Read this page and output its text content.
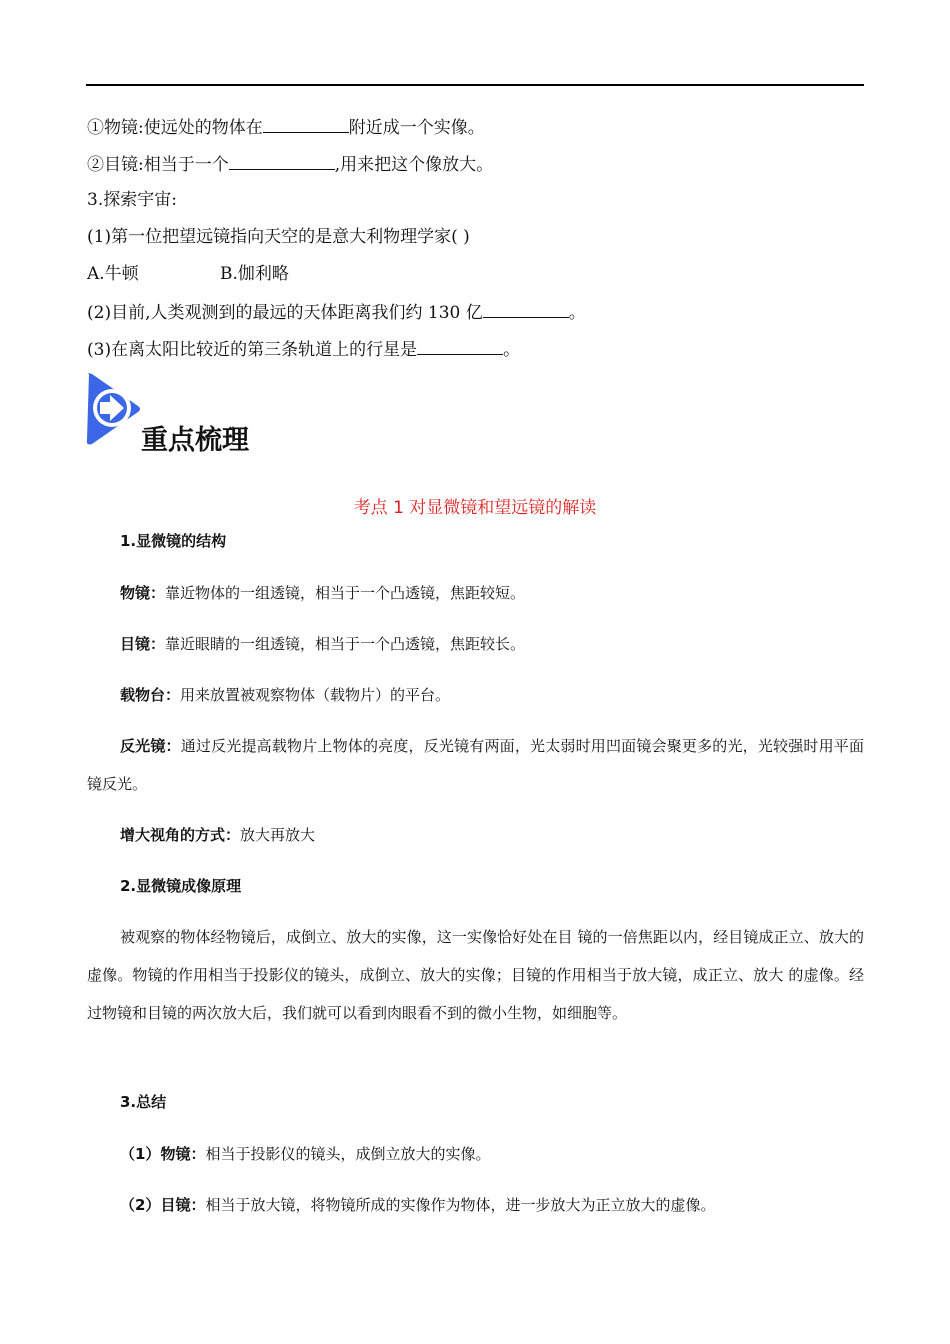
①物镜:使远处的物体在	附近成一个实像。
②目镜:相当于一个	,用来把这个像放大。
3.探索宇宙:
(1)第一位把望远镜指向天空的是意大利物理学家( )
A.牛顿	B.伽利略
(2)目前,人类观测到的最远的天体距离我们约 130 亿	。
(3)在离太阳比较近的第三条轨道上的行星是	。
重点梳理
考点 1 对显微镜和望远镜的解读
1.显微镜的结构
物镜：靠近物体的一组透镜，相当于一个凸透镜，焦距较短。
目镜：靠近眼睛的一组透镜，相当于一个凸透镜，焦距较长。
载物台：用来放置被观察物体（载物片）的平台。
反光镜：通过反光提高载物片上物体的亮度，反光镜有两面，光太弱时用凹面镜会聚更多的光，光较强时用平面镜反光。
增大视角的方式：放大再放大
2.显微镜成像原理
被观察的物体经物镜后，成倒立、放大的实像，这一实像恰好处在目 镜的一倍焦距以内，经目镜成正立、放大的虚像。物镜的作用相当于投影仪的镜头，成倒立、放大的实像；目镜的作用相当于放大镜，成正立、放大 的虚像。经过物镜和目镜的两次放大后，我们就可以看到肉眼看不到的微小生物，如细胞等。
3.总结
（1）物镜：相当于投影仪的镜头，成倒立放大的实像。
（2）目镜：相当于放大镜，将物镜所成的实像作为物体，进一步放大为正立放大的虚像。
